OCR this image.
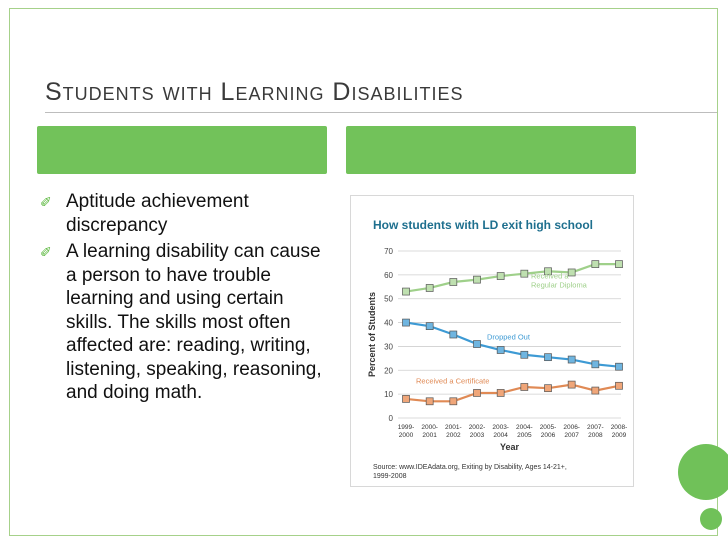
Students with Learning Disabilities
✐ Aptitude achievement discrepancy
✐ A learning disability can cause a person to have trouble learning and using certain skills. The skills most often affected are: reading, writing, listening, speaking, reasoning, and doing math.
How students with LD exit high school
0
10
20
30
40
50
60
70
Percent of Students
1999-
2000
2000-
2001
2001-
2002
2002-
2003
2003-
2004
2004-
2005
2005-
2006
2006-
2007
2007-
2008
2008-
2009
Year
Received a
Regular Diploma
Dropped Out
Received a Certificate
Source: www.IDEAdata.org, Exiting by Disability, Ages 14-21+,
1999-2008
